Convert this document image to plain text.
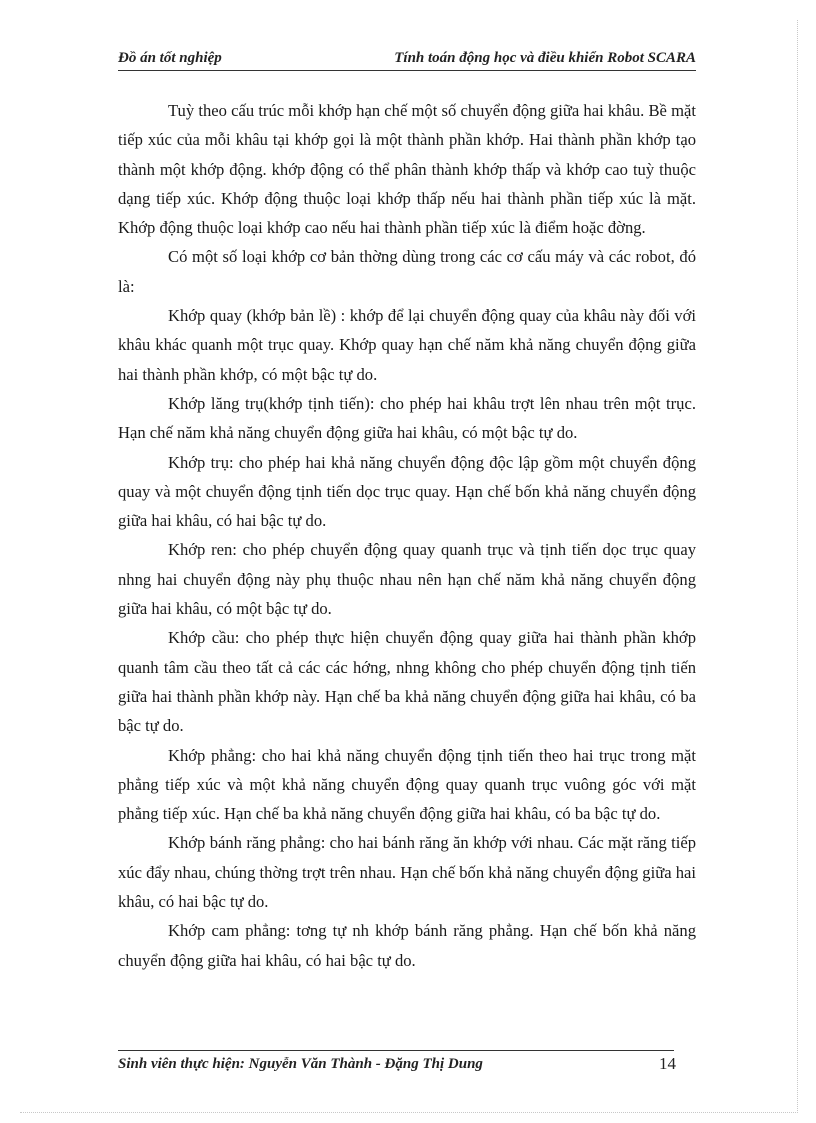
Đồ án tốt nghiệp	Tính toán động học và điều khiển Robot SCARA

Tuỳ theo cấu trúc mỗi khớp hạn chế một số chuyển động giữa hai khâu. Bề mặt tiếp xúc của mỗi khâu tại khớp gọi là một thành phần khớp. Hai thành phần khớp tạo thành một khớp động. khớp động có thể phân thành khớp thấp và khớp cao tuỳ thuộc dạng tiếp xúc. Khớp động thuộc loại khớp thấp nếu hai thành phần tiếp xúc là mặt. Khớp động thuộc loại khớp cao nếu hai thành phần tiếp xúc là điểm hoặc đờng.

Có một số loại khớp cơ bản thờng dùng trong các cơ cấu máy và các robot, đó là:

Khớp quay (khớp bản lề) : khớp để lại chuyển động quay của khâu này đối với khâu khác quanh một trục quay. Khớp quay hạn chế năm khả năng chuyển động giữa hai thành phần khớp, có một bậc tự do.

Khớp lăng trụ(khớp tịnh tiến): cho phép hai khâu trợt lên nhau trên một trục. Hạn chế năm khả năng chuyển động giữa hai khâu, có một bậc tự do.

Khớp trụ: cho phép hai khả năng chuyển động độc lập gồm một chuyển động quay và một chuyển động tịnh tiến dọc trục quay. Hạn chế bốn khả năng chuyển động giữa hai khâu, có hai bậc tự do.

Khớp ren: cho phép chuyển động quay quanh trục và tịnh tiến dọc trục quay nhng hai chuyển động này phụ thuộc nhau nên hạn chế năm khả năng chuyển động giữa hai khâu, có một bậc tự do.

Khớp cầu: cho phép thực hiện chuyển động quay giữa hai thành phần khớp quanh tâm cầu theo tất cả các các hớng, nhng không cho phép chuyển động tịnh tiến giữa hai thành phần khớp này. Hạn chế ba khả năng chuyển động giữa hai khâu, có ba bậc tự do.

Khớp phẳng: cho hai khả năng chuyển động tịnh tiến theo hai trục trong mặt phẳng tiếp xúc và một khả năng chuyển động quay quanh trục vuông góc với mặt phẳng tiếp xúc. Hạn chế ba khả năng chuyển động giữa hai khâu, có ba bậc tự do.

Khớp bánh răng phẳng: cho hai bánh răng ăn khớp với nhau. Các mặt răng tiếp xúc đẩy nhau, chúng thờng trợt trên nhau. Hạn chế bốn khả năng chuyển động giữa hai khâu, có hai bậc tự do.

Khớp cam phẳng: tơng tự nh khớp bánh răng phẳng. Hạn chế bốn khả năng chuyển động giữa hai khâu, có hai bậc tự do.

Sinh viên thực hiện: Nguyễn Văn Thành - Đặng Thị Dung	14
